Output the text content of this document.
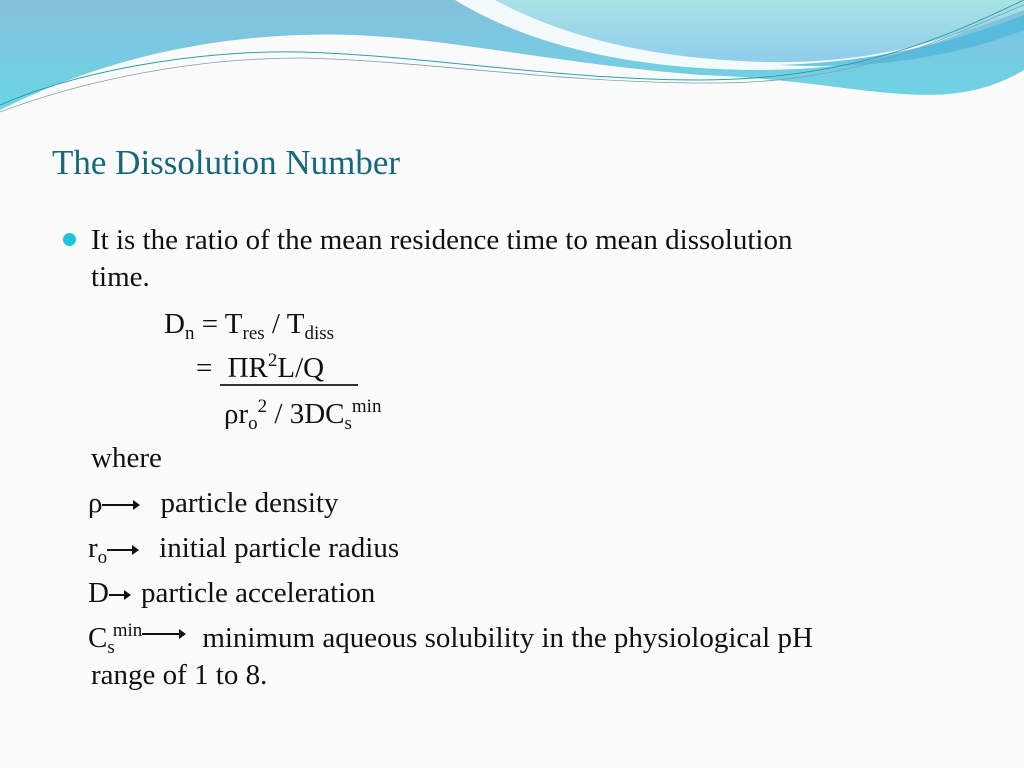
The Dissolution Number
It is the ratio of the mean residence time to mean dissolution
time.
$D_n = T_{res} / T_{diss}$
= $\Pi R^2L/Q$
$\rho r_o^2 / 3DC_s^{min}$
where
ρ particle density
$r_o$ initial particle radius
D particle acceleration
$C_s^{min}$ minimum aqueous solubility in the physiological pH
range of 1 to 8.
